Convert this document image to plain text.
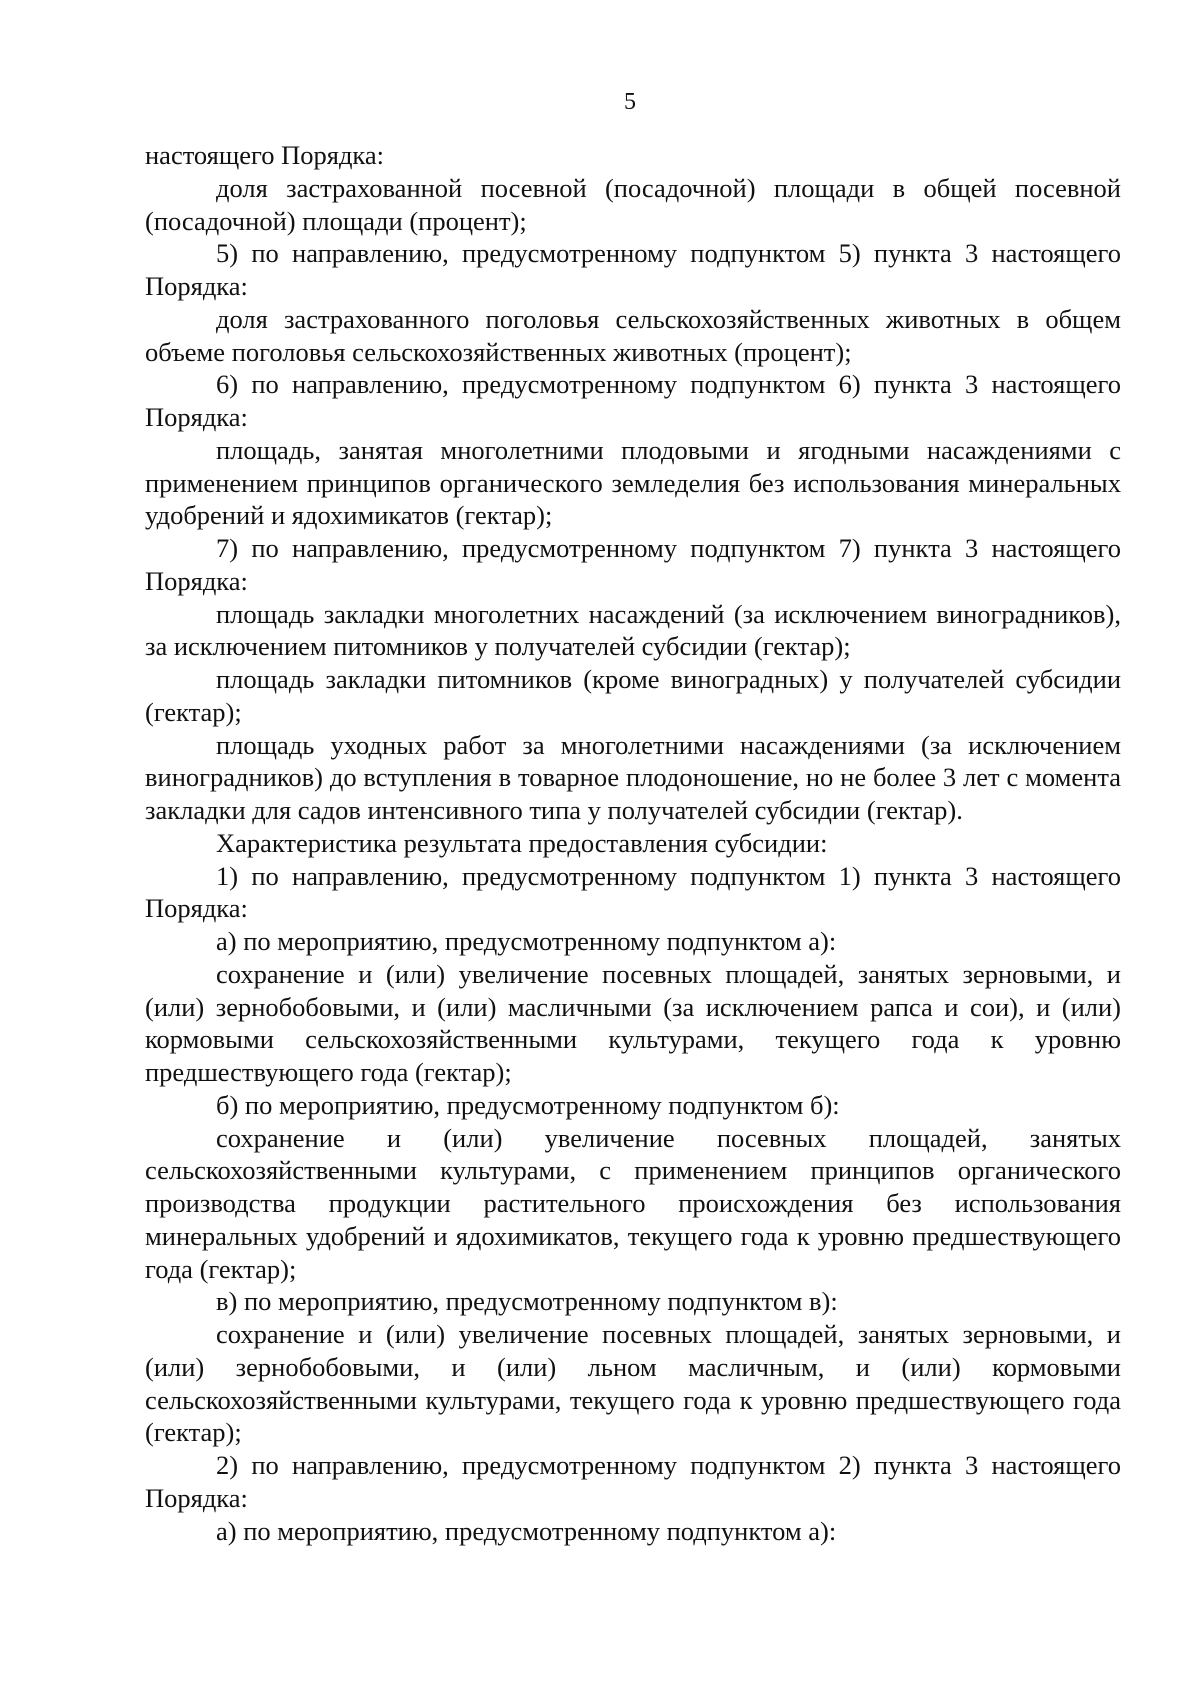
5

настоящего Порядка:

доля застрахованной посевной (посадочной) площади в общей посевной (посадочной) площади (процент);

5) по направлению, предусмотренному подпунктом 5) пункта 3 настоящего Порядка:

доля застрахованного поголовья сельскохозяйственных животных в общем объеме поголовья сельскохозяйственных животных (процент);

6) по направлению, предусмотренному подпунктом 6) пункта 3 настоящего Порядка:

площадь, занятая многолетними плодовыми и ягодными насаждениями с применением принципов органического земледелия без использования минеральных удобрений и ядохимикатов (гектар);

7) по направлению, предусмотренному подпунктом 7) пункта 3 настоящего Порядка:

площадь закладки многолетних насаждений (за исключением виноградников), за исключением питомников у получателей субсидии (гектар);

площадь закладки питомников (кроме виноградных) у получателей субсидии (гектар);

площадь уходных работ за многолетними насаждениями (за исключением виноградников) до вступления в товарное плодоношение, но не более 3 лет с момента закладки для садов интенсивного типа у получателей субсидии (гектар).

Характеристика результата предоставления субсидии:

1) по направлению, предусмотренному подпунктом 1) пункта 3 настоящего Порядка:

а) по мероприятию, предусмотренному подпунктом а):

сохранение и (или) увеличение посевных площадей, занятых зерновыми, и (или) зернобобовыми, и (или) масличными (за исключением рапса и сои), и (или) кормовыми сельскохозяйственными культурами, текущего года к уровню предшествующего года (гектар);

б) по мероприятию, предусмотренному подпунктом б):

сохранение и (или) увеличение посевных площадей, занятых сельскохозяйственными культурами, с применением принципов органического производства продукции растительного происхождения без использования минеральных удобрений и ядохимикатов, текущего года к уровню предшествующего года (гектар);

в) по мероприятию, предусмотренному подпунктом в):

сохранение и (или) увеличение посевных площадей, занятых зерновыми, и (или) зернобобовыми, и (или) льном масличным, и (или) кормовыми сельскохозяйственными культурами, текущего года к уровню предшествующего года (гектар);

2) по направлению, предусмотренному подпунктом 2) пункта 3 настоящего Порядка:

а) по мероприятию, предусмотренному подпунктом а):
